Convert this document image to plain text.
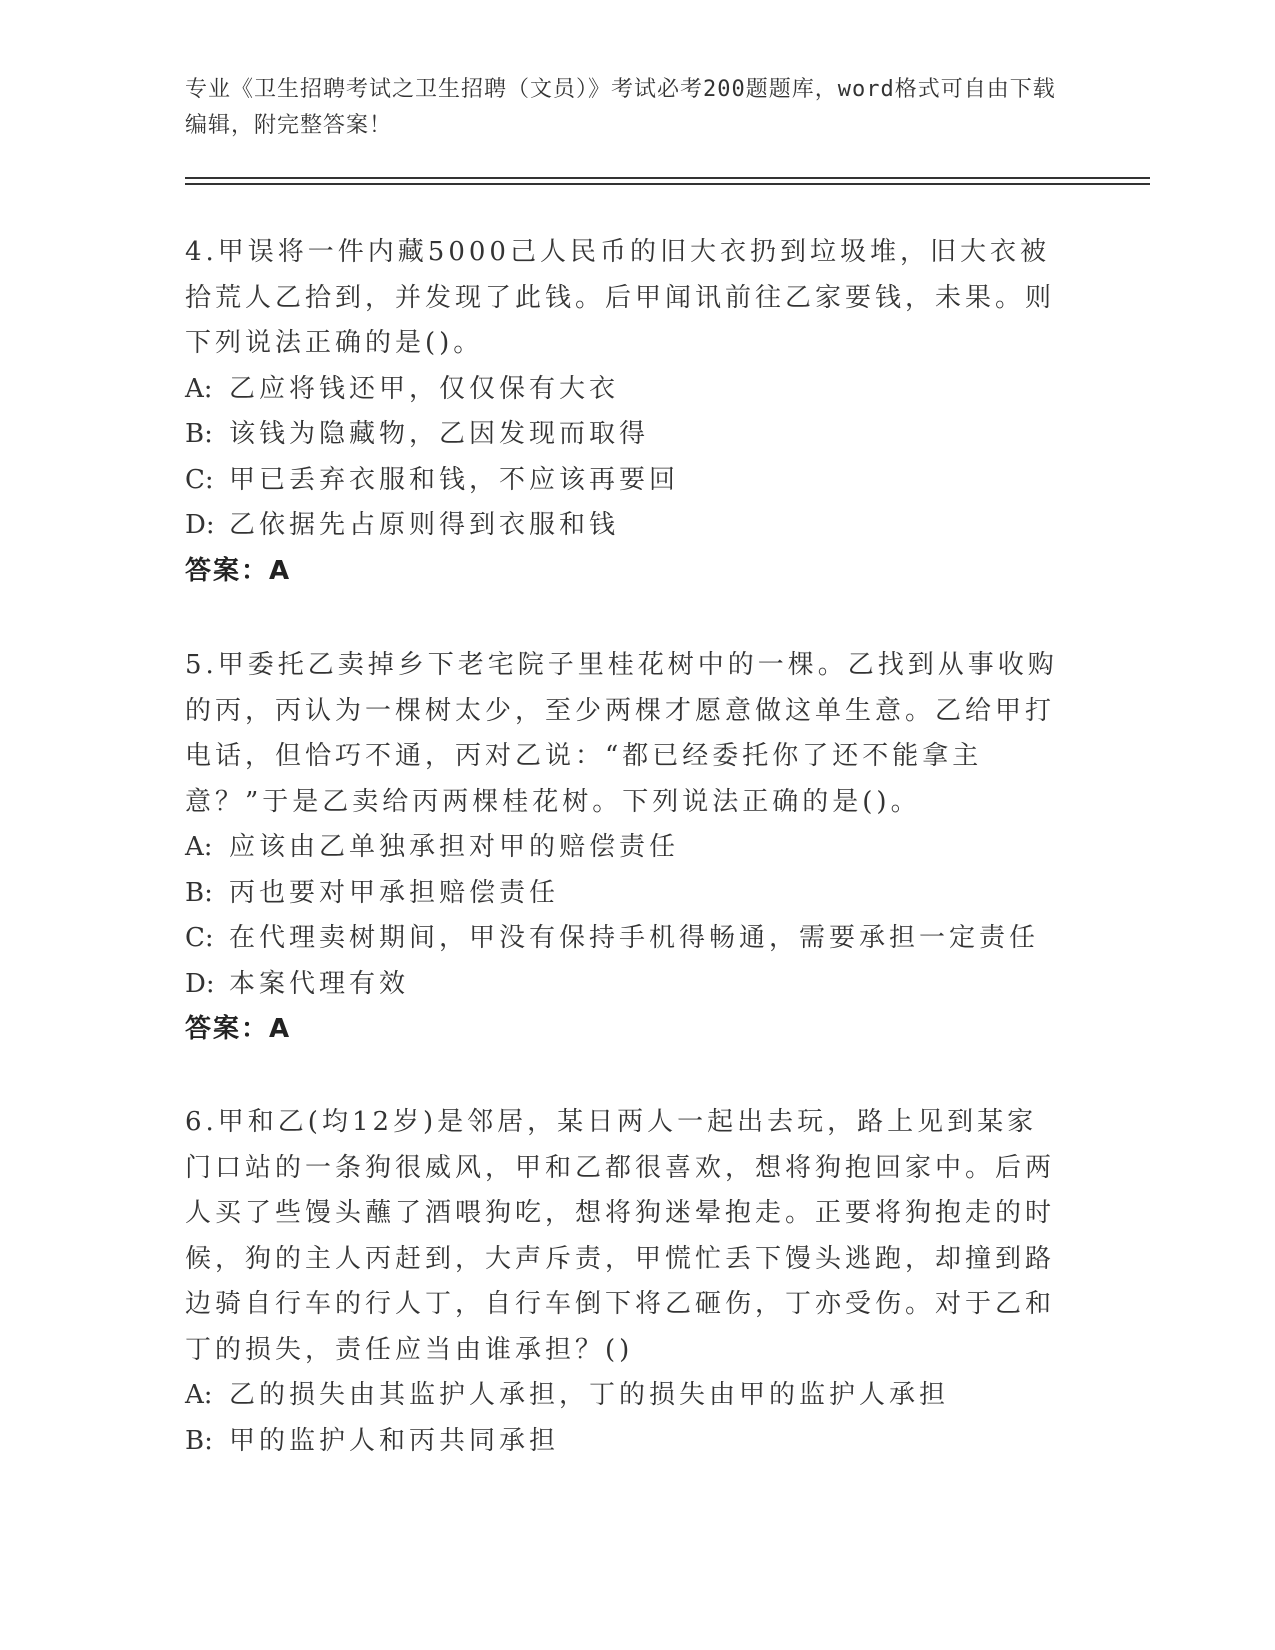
专业《卫生招聘考试之卫生招聘（文员）》考试必考200题题库，word格式可自由下载编辑，附完整答案！

4.甲误将一件内藏5000己人民币的旧大衣扔到垃圾堆，旧大衣被拾荒人乙拾到，并发现了此钱。后甲闻讯前往乙家要钱，未果。则下列说法正确的是()。

A: 乙应将钱还甲，仅仅保有大衣

B: 该钱为隐藏物，乙因发现而取得

C: 甲已丢弃衣服和钱，不应该再要回

D: 乙依据先占原则得到衣服和钱

答案：A

5.甲委托乙卖掉乡下老宅院子里桂花树中的一棵。乙找到从事收购的丙，丙认为一棵树太少，至少两棵才愿意做这单生意。乙给甲打电话，但恰巧不通，丙对乙说：“都已经委托你了还不能拿主意？”于是乙卖给丙两棵桂花树。下列说法正确的是()。

A: 应该由乙单独承担对甲的赔偿责任

B: 丙也要对甲承担赔偿责任

C: 在代理卖树期间，甲没有保持手机得畅通，需要承担一定责任

D: 本案代理有效

答案：A

6.甲和乙(均12岁)是邻居，某日两人一起出去玩，路上见到某家门口站的一条狗很威风，甲和乙都很喜欢，想将狗抱回家中。后两人买了些馒头蘸了酒喂狗吃，想将狗迷晕抱走。正要将狗抱走的时候，狗的主人丙赶到，大声斥责，甲慌忙丢下馒头逃跑，却撞到路边骑自行车的行人丁，自行车倒下将乙砸伤，丁亦受伤。对于乙和丁的损失，责任应当由谁承担？()

A: 乙的损失由其监护人承担，丁的损失由甲的监护人承担

B: 甲的监护人和丙共同承担
